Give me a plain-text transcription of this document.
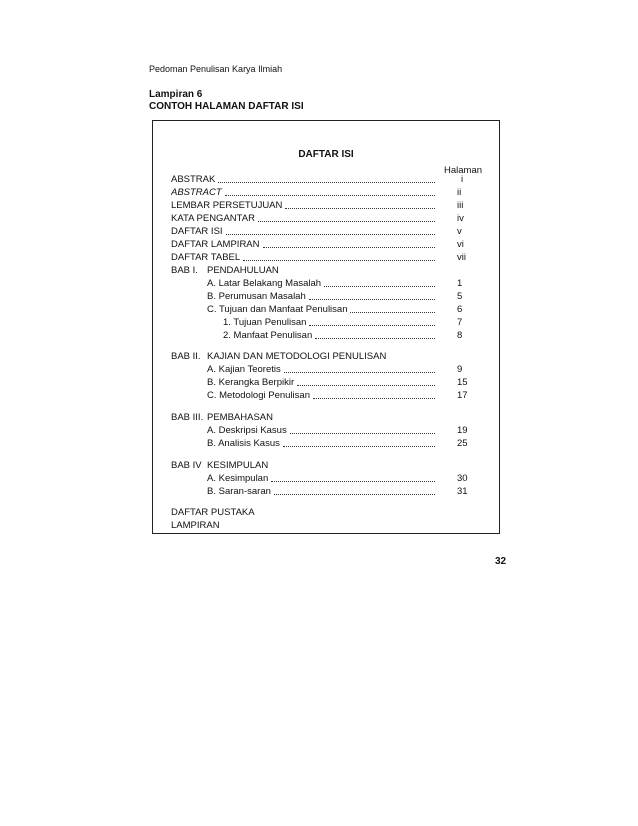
Pedoman Penulisan Karya Ilmiah
Lampiran 6
CONTOH HALAMAN DAFTAR ISI
DAFTAR ISI
Halaman
ABSTRAK	i
ABSTRACT	ii
LEMBAR PERSETUJUAN	iii
KATA PENGANTAR	iv
DAFTAR ISI	v
DAFTAR LAMPIRAN	vi
DAFTAR TABEL	vii
BAB I. PENDAHULUAN
A. Latar Belakang Masalah	1
B. Perumusan Masalah	5
C. Tujuan dan Manfaat Penulisan	6
1. Tujuan Penulisan	7
2. Manfaat Penulisan	8
BAB II. KAJIAN DAN METODOLOGI PENULISAN
A. Kajian Teoretis	9
B. Kerangka Berpikir	15
C. Metodologi Penulisan	17
BAB III. PEMBAHASAN
A. Deskripsi Kasus	19
B. Analisis Kasus	25
BAB IV KESIMPULAN
A. Kesimpulan	30
B. Saran-saran	31
DAFTAR PUSTAKA
LAMPIRAN
32
